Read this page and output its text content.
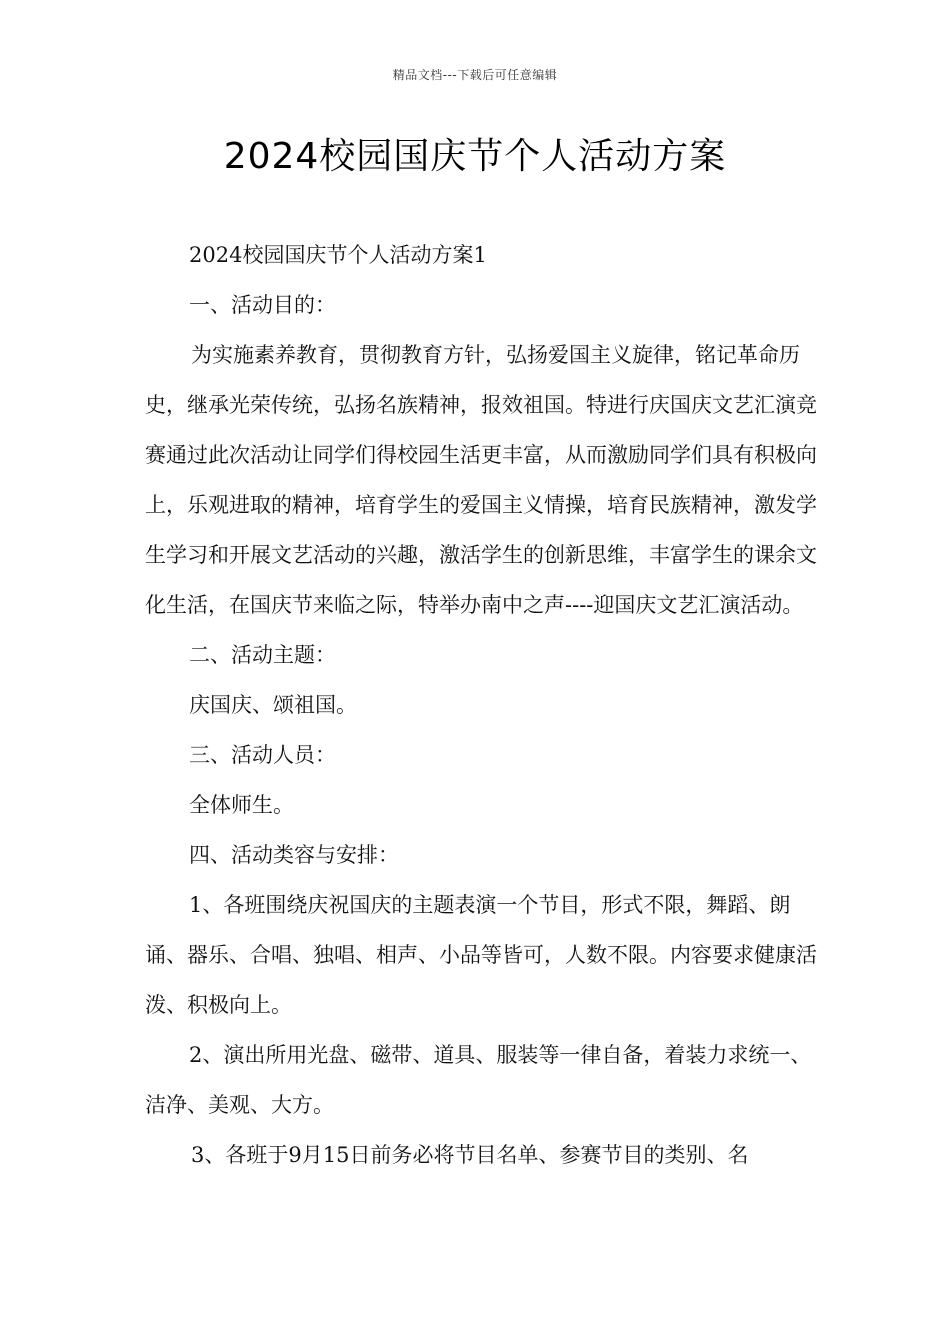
精品文档---下载后可任意编辑
2024校园国庆节个人活动方案

2024校园国庆节个人活动方案1

一、活动目的：

为实施素养教育，贯彻教育方针，弘扬爱国主义旋律，铭记革命历史，继承光荣传统，弘扬名族精神，报效祖国。特进行庆国庆文艺汇演竞赛通过此次活动让同学们得校园生活更丰富，从而激励同学们具有积极向上，乐观进取的精神，培育学生的爱国主义情操，培育民族精神，激发学生学习和开展文艺活动的兴趣，激活学生的创新思维，丰富学生的课余文化生活，在国庆节来临之际，特举办南中之声----迎国庆文艺汇演活动。

二、活动主题：

庆国庆、颂祖国。

三、活动人员：

全体师生。

四、活动类容与安排：

1、各班围绕庆祝国庆的主题表演一个节目，形式不限，舞蹈、朗诵、器乐、合唱、独唱、相声、小品等皆可，人数不限。内容要求健康活泼、积极向上。

2、演出所用光盘、磁带、道具、服装等一律自备，着装力求统一、洁净、美观、大方。

3、各班于9月15日前务必将节目名单、参赛节目的类别、名
